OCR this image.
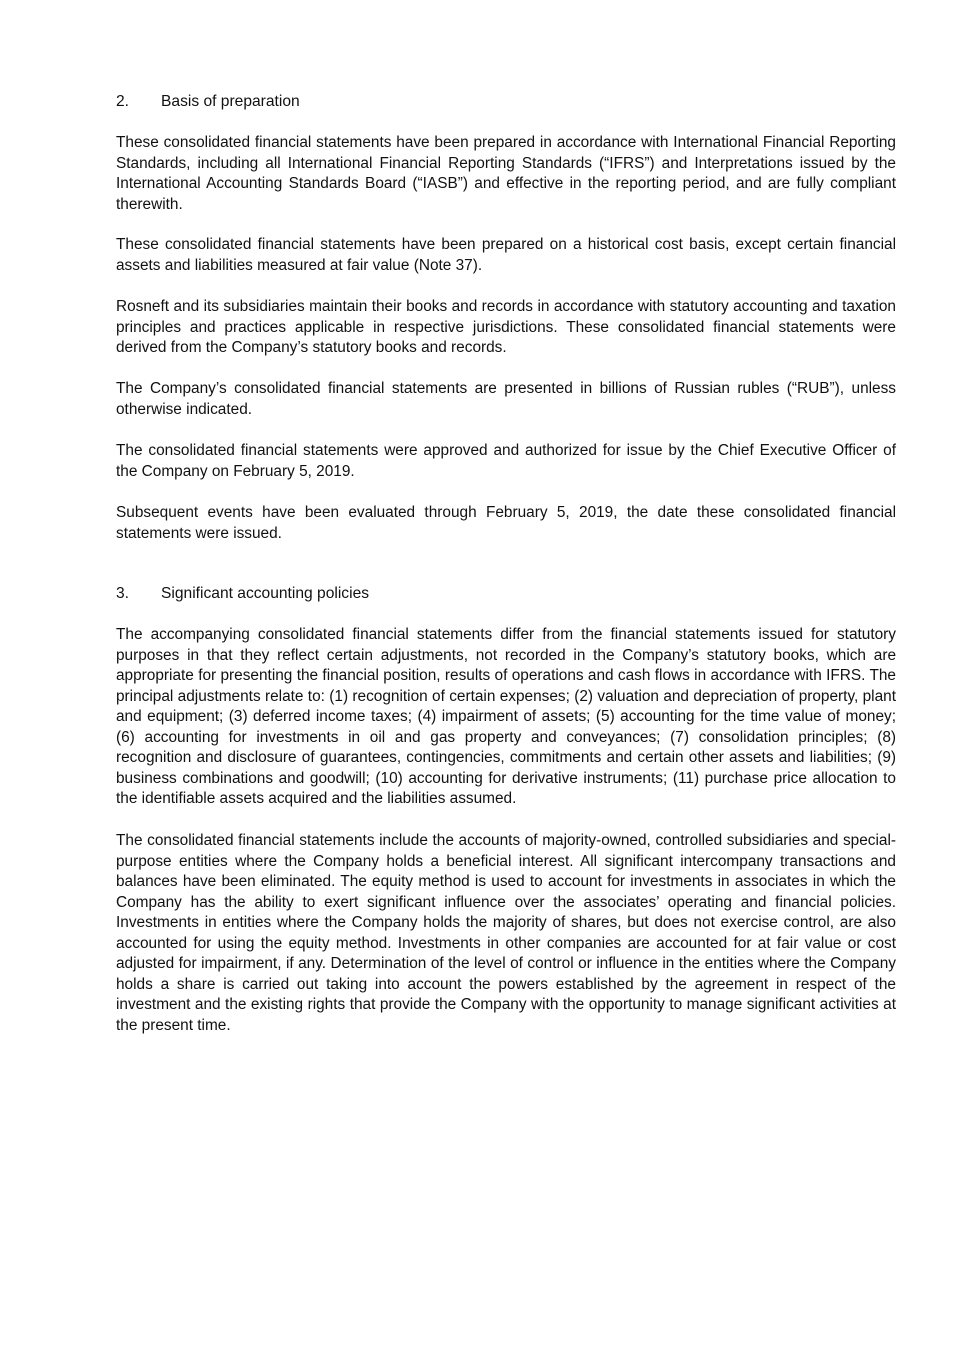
2. Basis of preparation

These consolidated financial statements have been prepared in accordance with International Financial Reporting Standards, including all International Financial Reporting Standards (“IFRS”) and Interpretations issued by the International Accounting Standards Board (“IASB”) and effective in the reporting period, and are fully compliant therewith.

These consolidated financial statements have been prepared on a historical cost basis, except certain financial assets and liabilities measured at fair value (Note 37).

Rosneft and its subsidiaries maintain their books and records in accordance with statutory accounting and taxation principles and practices applicable in respective jurisdictions. These consolidated financial statements were derived from the Company’s statutory books and records.

The Company’s consolidated financial statements are presented in billions of Russian rubles (“RUB”), unless otherwise indicated.

The consolidated financial statements were approved and authorized for issue by the Chief Executive Officer of the Company on February 5, 2019.

Subsequent events have been evaluated through February 5, 2019, the date these consolidated financial statements were issued.

3. Significant accounting policies

The accompanying consolidated financial statements differ from the financial statements issued for statutory purposes in that they reflect certain adjustments, not recorded in the Company’s statutory books, which are appropriate for presenting the financial position, results of operations and cash flows in accordance with IFRS. The principal adjustments relate to: (1) recognition of certain expenses; (2) valuation and depreciation of property, plant and equipment; (3) deferred income taxes; (4) impairment of assets; (5) accounting for the time value of money; (6) accounting for investments in oil and gas property and conveyances; (7) consolidation principles; (8) recognition and disclosure of guarantees, contingencies, commitments and certain other assets and liabilities; (9) business combinations and goodwill; (10) accounting for derivative instruments; (11) purchase price allocation to the identifiable assets acquired and the liabilities assumed.

The consolidated financial statements include the accounts of majority-owned, controlled subsidiaries and special-purpose entities where the Company holds a beneficial interest. All significant intercompany transactions and balances have been eliminated. The equity method is used to account for investments in associates in which the Company has the ability to exert significant influence over the associates’ operating and financial policies. Investments in entities where the Company holds the majority of shares, but does not exercise control, are also accounted for using the equity method. Investments in other companies are accounted for at fair value or cost adjusted for impairment, if any. Determination of the level of control or influence in the entities where the Company holds a share is carried out taking into account the powers established by the agreement in respect of the investment and the existing rights that provide the Company with the opportunity to manage significant activities at the present time.
